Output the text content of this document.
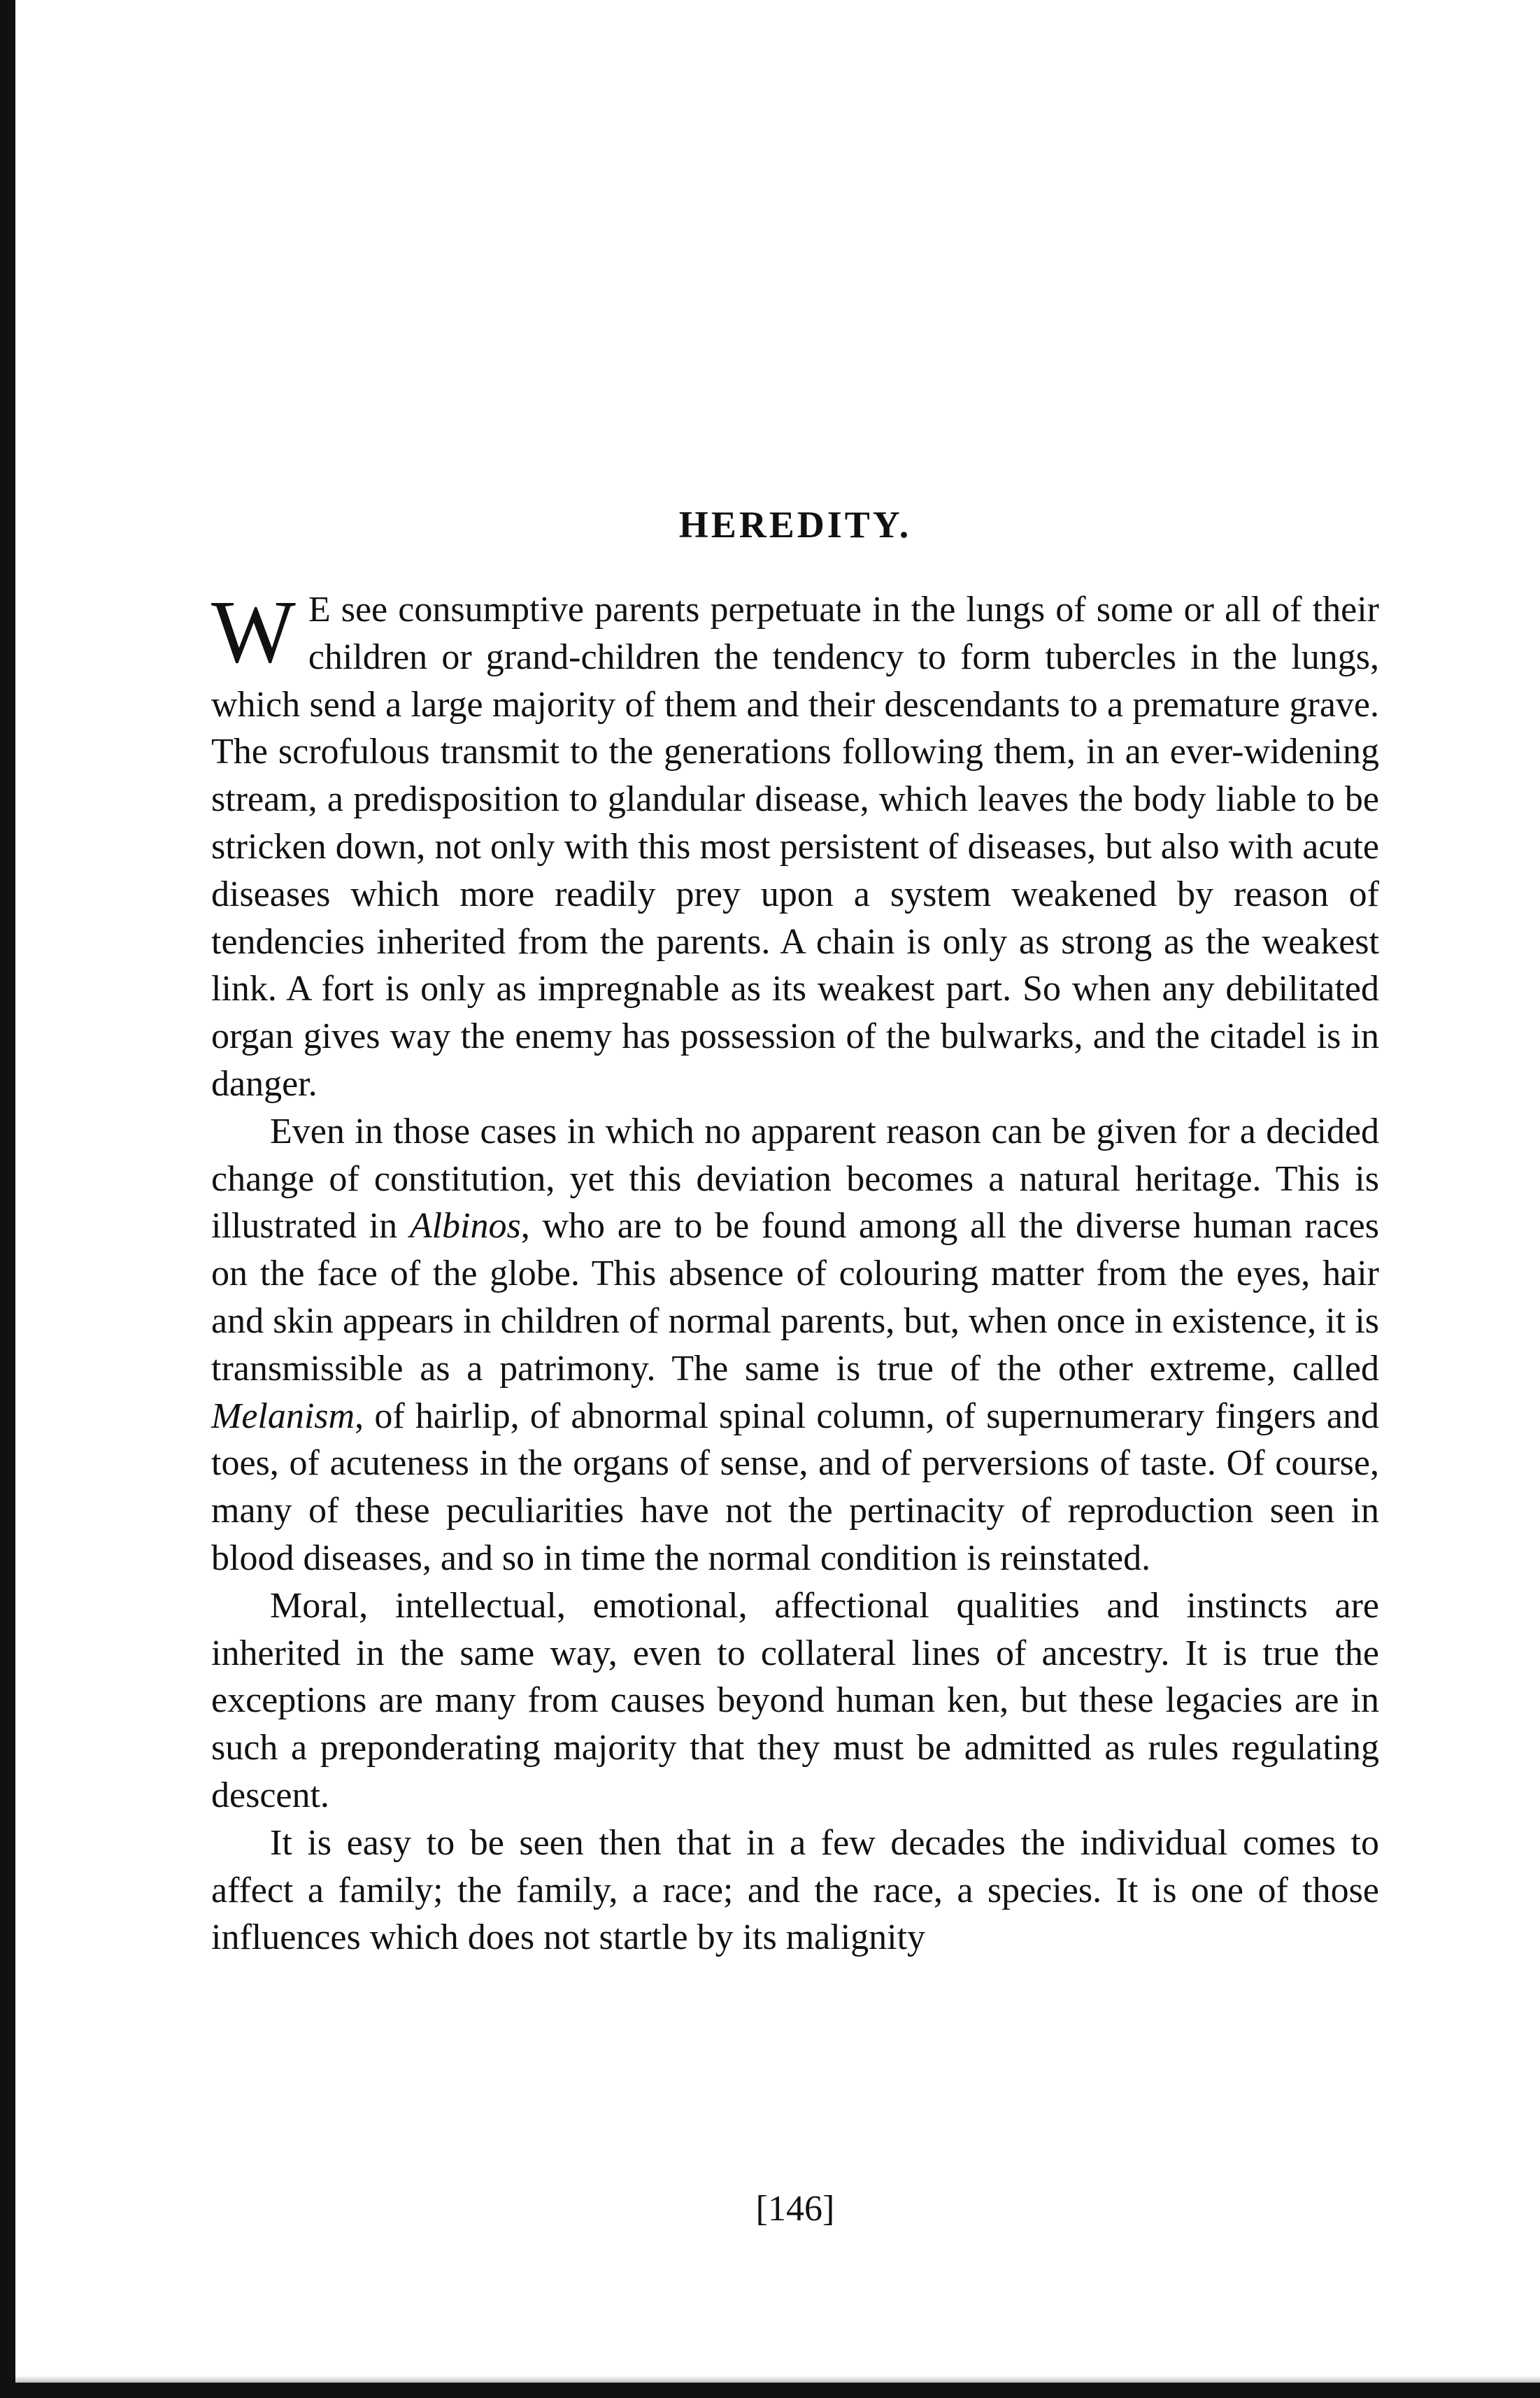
HEREDITY.

W E see consumptive parents perpetuate in the lungs of some or all of their children or grand-children the tendency to form tubercles in the lungs, which send a large majority of them and their descendants to a premature grave. The scrofulous transmit to the generations following them, in an ever-widening stream, a predisposition to glandular disease, which leaves the body liable to be stricken down, not only with this most persistent of diseases, but also with acute diseases which more readily prey upon a system weakened by reason of tendencies inherited from the parents. A chain is only as strong as the weakest link. A fort is only as impregnable as its weakest part. So when any debilitated organ gives way the enemy has possession of the bulwarks, and the citadel is in danger.

Even in those cases in which no apparent reason can be given for a decided change of constitution, yet this deviation becomes a natural heritage. This is illustrated in Albinos, who are to be found among all the diverse human races on the face of the globe. This absence of colouring matter from the eyes, hair and skin appears in children of normal parents, but, when once in existence, it is transmissible as a patrimony. The same is true of the other extreme, called Melanism, of hairlip, of abnormal spinal column, of supernumerary fingers and toes, of acuteness in the organs of sense, and of perversions of taste. Of course, many of these peculiarities have not the pertinacity of reproduction seen in blood diseases, and so in time the normal condition is reinstated.

Moral, intellectual, emotional, affectional qualities and instincts are inherited in the same way, even to collateral lines of ancestry. It is true the exceptions are many from causes beyond human ken, but these legacies are in such a preponderating majority that they must be admitted as rules regulating descent.

It is easy to be seen then that in a few decades the individual comes to affect a family; the family, a race; and the race, a species. It is one of those influences which does not startle by its malignity

[146]
